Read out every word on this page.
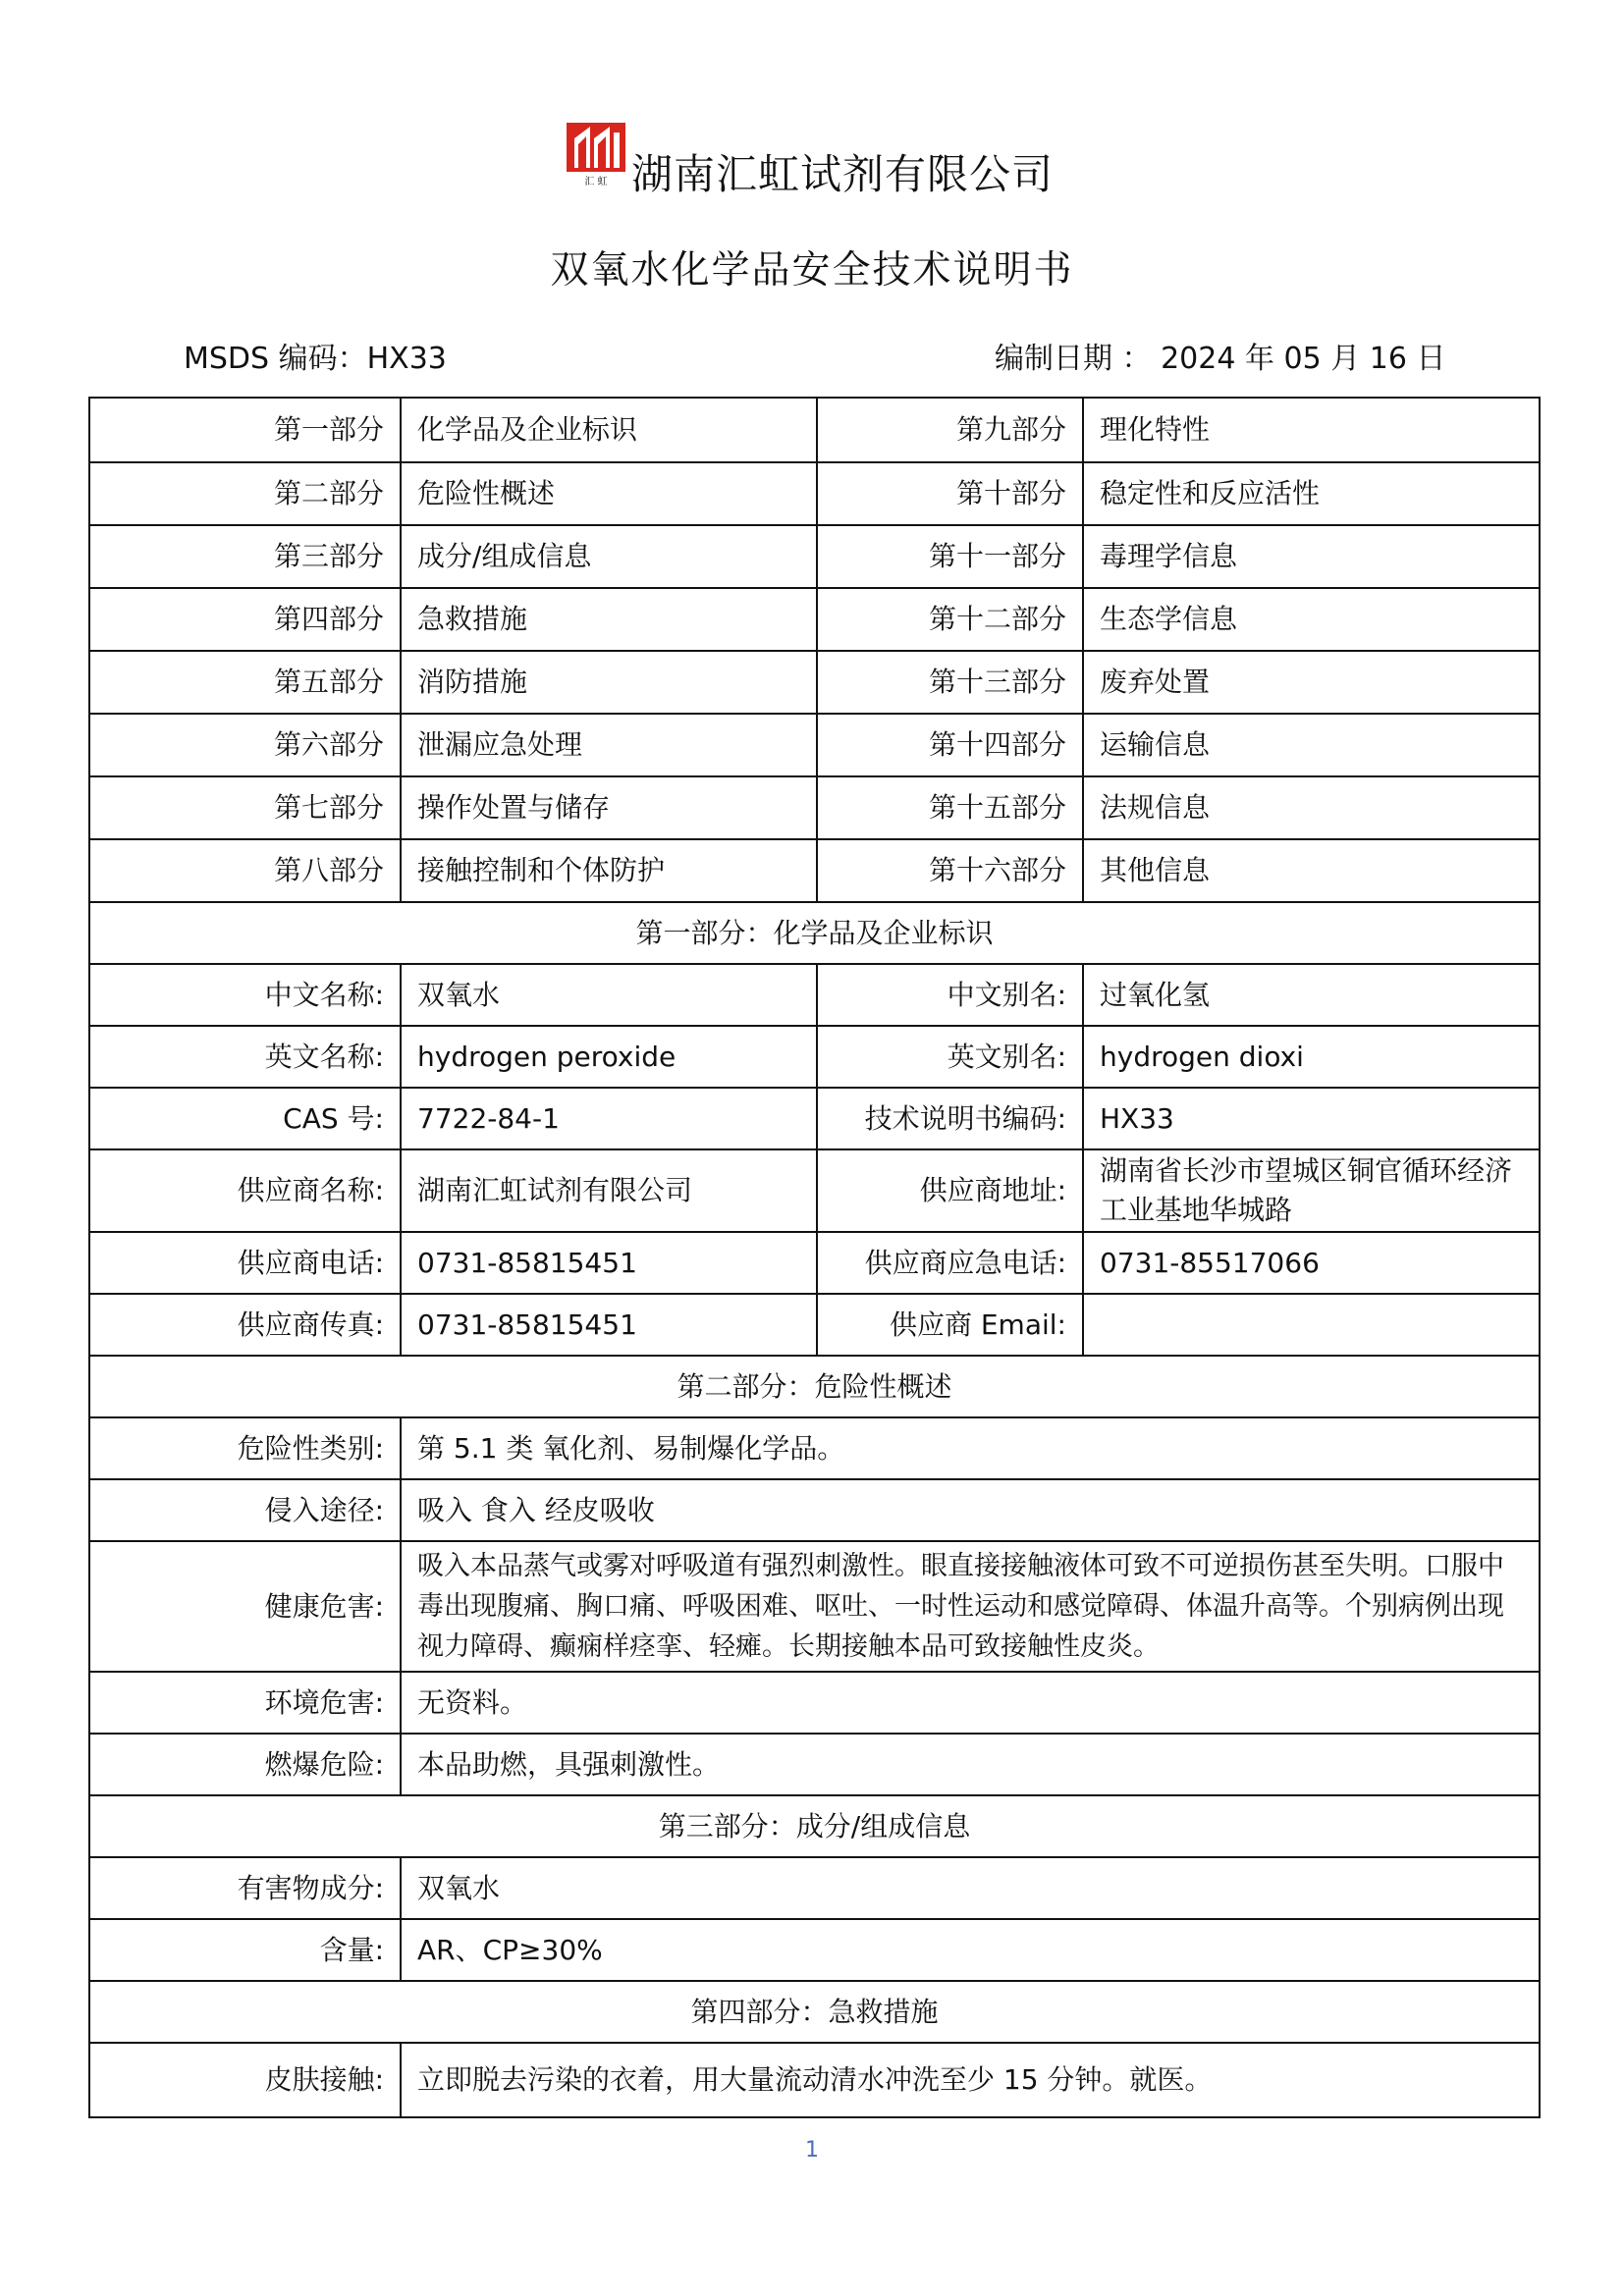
汇 虹 湖南汇虹试剂有限公司
双氧水化学品安全技术说明书
MSDS 编码：HX33	编制日期 ： 2024 年 05 月 16 日
第一部分	化学品及企业标识	第九部分	理化特性
第二部分	危险性概述	第十部分	稳定性和反应活性
第三部分	成分/组成信息	第十一部分	毒理学信息
第四部分	急救措施	第十二部分	生态学信息
第五部分	消防措施	第十三部分	废弃处置
第六部分	泄漏应急处理	第十四部分	运输信息
第七部分	操作处置与储存	第十五部分	法规信息
第八部分	接触控制和个体防护	第十六部分	其他信息
第一部分：化学品及企业标识
中文名称:	双氧水	中文别名:	过氧化氢
英文名称:	hydrogen peroxide	英文别名:	hydrogen dioxi
CAS 号:	7722-84-1	技术说明书编码:	HX33
供应商名称:	湖南汇虹试剂有限公司	供应商地址:
湖南省长沙市望城区铜官循环经济工业基地华城路
供应商电话:	0731-85815451	供应商应急电话:	0731-85517066
供应商传真:	0731-85815451	供应商 Email:
第二部分：危险性概述
危险性类别:	第 5.1 类 氧化剂、易制爆化学品。
侵入途径:	吸入 食入 经皮吸收
健康危害:
吸入本品蒸气或雾对呼吸道有强烈刺激性。眼直接接触液体可致不可逆损伤甚至失明。口服中毒出现腹痛、胸口痛、呼吸困难、呕吐、一时性运动和感觉障碍、体温升高等。个别病例出现视力障碍、癫痫样痉挛、轻瘫。长期接触本品可致接触性皮炎。
环境危害:	无资料。
燃爆危险:	本品助燃，具强刺激性。
第三部分：成分/组成信息
有害物成分:	双氧水
含量:	AR、CP≥30%
第四部分：急救措施
皮肤接触:	立即脱去污染的衣着，用大量流动清水冲洗至少 15 分钟。就医。
1
